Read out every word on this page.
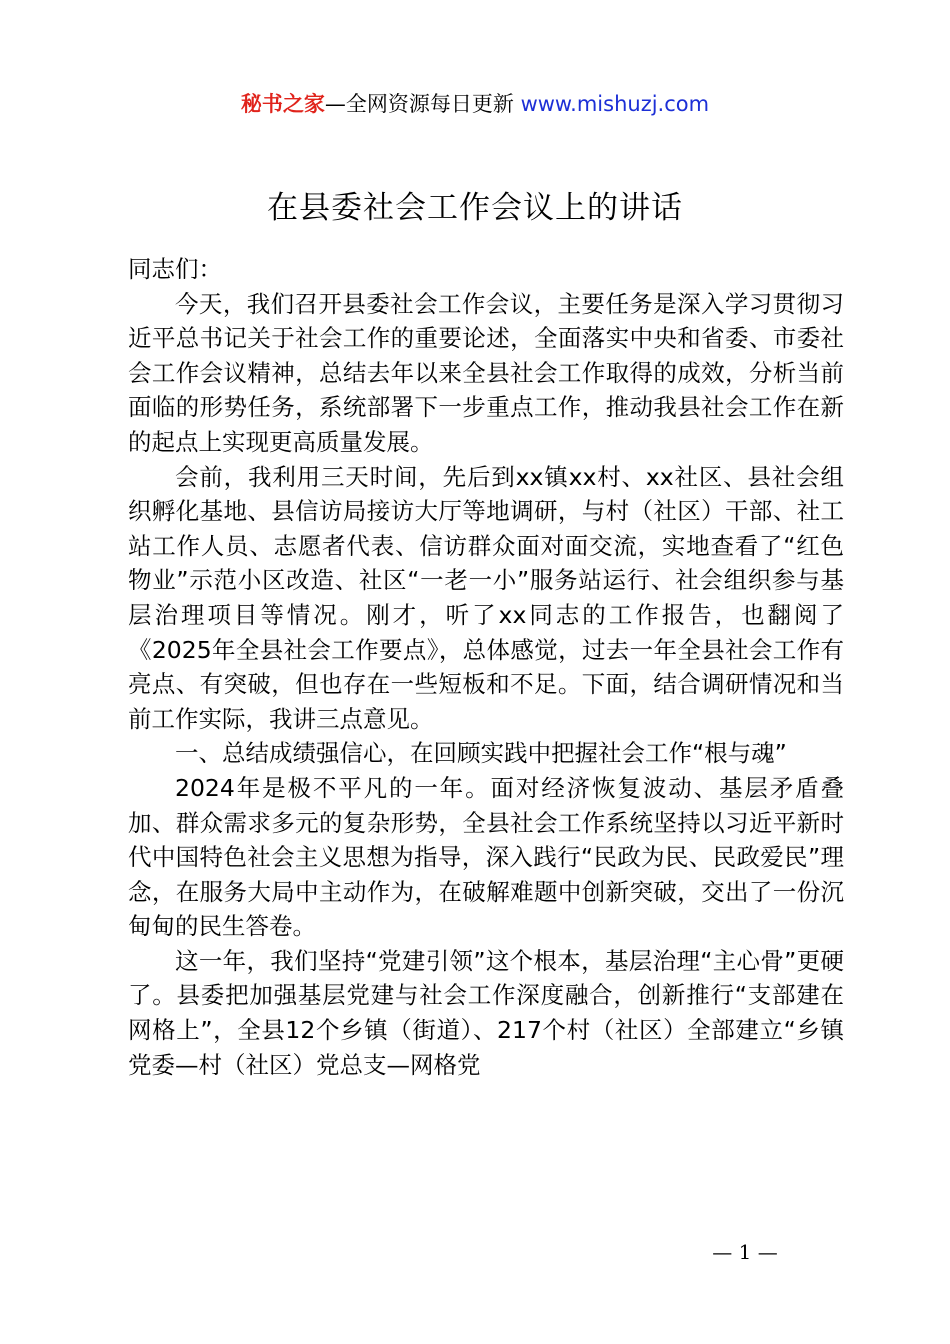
秘书之家—全网资源每日更新 www.mishuzj.com
在县委社会工作会议上的讲话

同志们：

今天，我们召开县委社会工作会议，主要任务是深入学习贯彻习近平总书记关于社会工作的重要论述，全面落实中央和省委、市委社会工作会议精神，总结去年以来全县社会工作取得的成效，分析当前面临的形势任务，系统部署下一步重点工作，推动我县社会工作在新的起点上实现更高质量发展。

会前，我利用三天时间，先后到xx镇xx村、xx社区、县社会组织孵化基地、县信访局接访大厅等地调研，与村（社区）干部、社工站工作人员、志愿者代表、信访群众面对面交流，实地查看了“红色物业”示范小区改造、社区“一老一小”服务站运行、社会组织参与基层治理项目等情况。刚才，听了xx同志的工作报告，也翻阅了《2025年全县社会工作要点》，总体感觉，过去一年全县社会工作有亮点、有突破，但也存在一些短板和不足。下面，结合调研情况和当前工作实际，我讲三点意见。

一、总结成绩强信心，在回顾实践中把握社会工作“根与魂”

2024年是极不平凡的一年。面对经济恢复波动、基层矛盾叠加、群众需求多元的复杂形势，全县社会工作系统坚持以习近平新时代中国特色社会主义思想为指导，深入践行“民政为民、民政爱民”理念，在服务大局中主动作为，在破解难题中创新突破，交出了一份沉甸甸的民生答卷。

这一年，我们坚持“党建引领”这个根本，基层治理“主心骨”更硬了。县委把加强基层党建与社会工作深度融合，创新推行“支部建在网格上”，全县12个乡镇（街道）、217个村（社区）全部建立“乡镇党委—村（社区）党总支—网格党

— 1 —
